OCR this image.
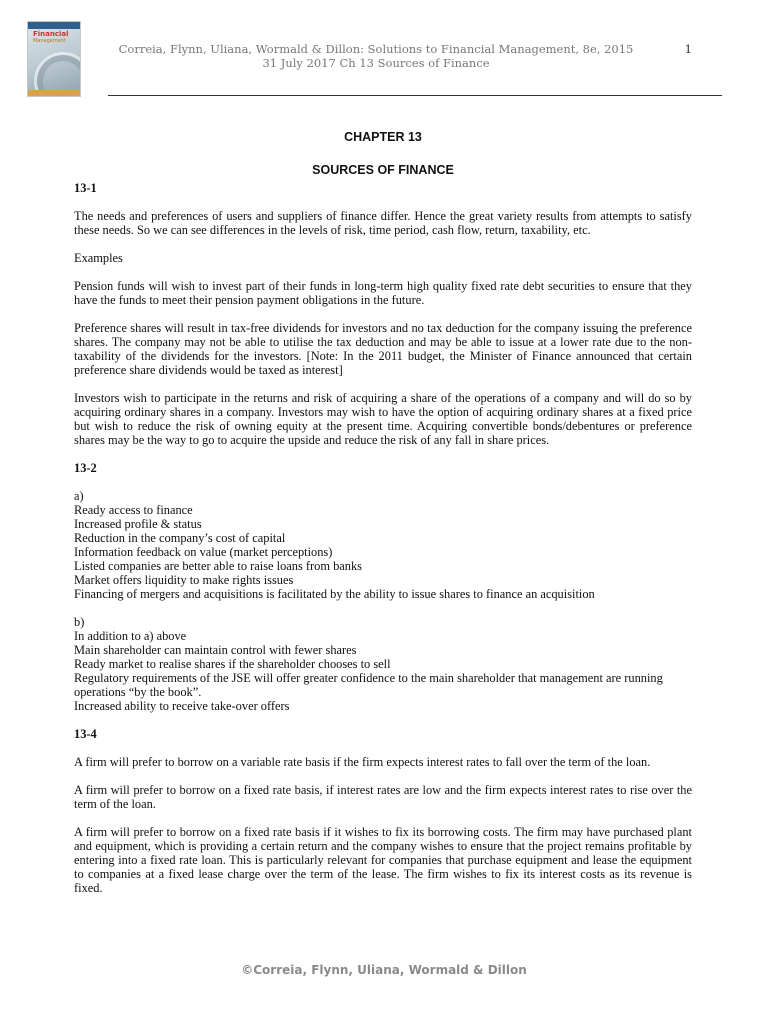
Financial
Management
Correia, Flynn, Uliana, Wormald & Dillon: Solutions to Financial Management, 8e, 2015
31 July 2017 Ch 13 Sources of Finance
1
CHAPTER 13
SOURCES OF FINANCE
13-1

The needs and preferences of users and suppliers of finance differ. Hence the great variety results from attempts to satisfy these needs. So we can see differences in the levels of risk, time period, cash flow, return, taxability, etc.

Examples

Pension funds will wish to invest part of their funds in long-term high quality fixed rate debt securities to ensure that they have the funds to meet their pension payment obligations in the future.

Preference shares will result in tax-free dividends for investors and no tax deduction for the company issuing the preference shares. The company may not be able to utilise the tax deduction and may be able to issue at a lower rate due to the non-taxability of the dividends for the investors. [Note: In the 2011 budget, the Minister of Finance announced that certain preference share dividends would be taxed as interest]

Investors wish to participate in the returns and risk of acquiring a share of the operations of a company and will do so by acquiring ordinary shares in a company. Investors may wish to have the option of acquiring ordinary shares at a fixed price but wish to reduce the risk of owning equity at the present time. Acquiring convertible bonds/debentures or preference shares may be the way to go to acquire the upside and reduce the risk of any fall in share prices.

13-2
a)
Ready access to finance
Increased profile & status
Reduction in the company’s cost of capital
Information feedback on value (market perceptions)
Listed companies are better able to raise loans from banks
Market offers liquidity to make rights issues
Financing of mergers and acquisitions is facilitated by the ability to issue shares to finance an acquisition
b)
In addition to a) above
Main shareholder can maintain control with fewer shares
Ready market to realise shares if the shareholder chooses to sell
Regulatory requirements of the JSE will offer greater confidence to the main shareholder that management are running operations “by the book”.
Increased ability to receive take-over offers
13-4

A firm will prefer to borrow on a variable rate basis if the firm expects interest rates to fall over the term of the loan.

A firm will prefer to borrow on a fixed rate basis, if interest rates are low and the firm expects interest rates to rise over the term of the loan.

A firm will prefer to borrow on a fixed rate basis if it wishes to fix its borrowing costs. The firm may have purchased plant and equipment, which is providing a certain return and the company wishes to ensure that the project remains profitable by entering into a fixed rate loan. This is particularly relevant for companies that purchase equipment and lease the equipment to companies at a fixed lease charge over the term of the lease. The firm wishes to fix its interest costs as its revenue is fixed.

©Correia, Flynn, Uliana, Wormald & Dillon
